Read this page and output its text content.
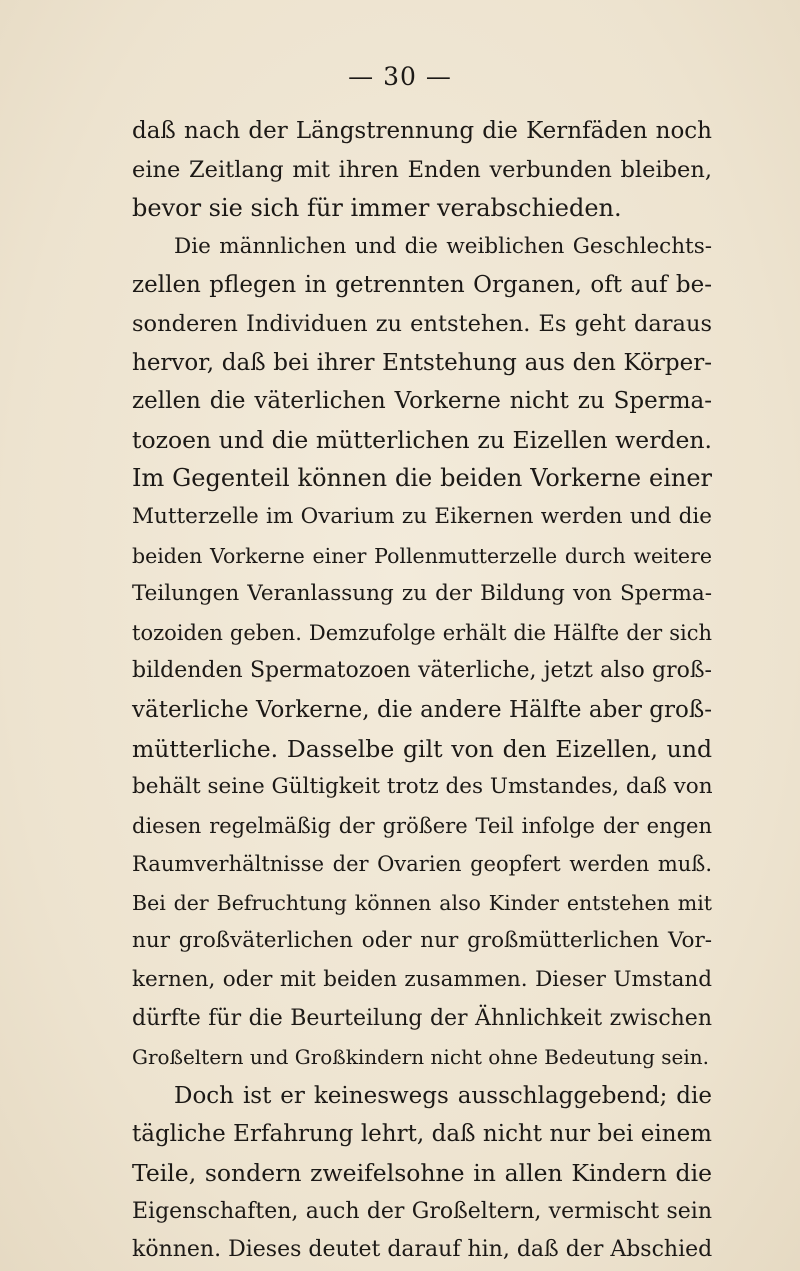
— 30 —
daß nach der Längstrennung die Kernfäden noch
eine Zeitlang mit ihren Enden verbunden bleiben,
bevor sie sich für immer verabschieden.
Die männlichen und die weiblichen Geschlechts-
zellen pflegen in getrennten Organen, oft auf be-
sonderen Individuen zu entstehen. Es geht daraus
hervor, daß bei ihrer Entstehung aus den Körper-
zellen die väterlichen Vorkerne nicht zu Sperma-
tozoen und die mütterlichen zu Eizellen werden.
Im Gegenteil können die beiden Vorkerne einer
Mutterzelle im Ovarium zu Eikernen werden und die
beiden Vorkerne einer Pollenmutterzelle durch weitere
Teilungen Veranlassung zu der Bildung von Sperma-
tozoiden geben. Demzufolge erhält die Hälfte der sich
bildenden Spermatozoen väterliche, jetzt also groß-
väterliche Vorkerne, die andere Hälfte aber groß-
mütterliche. Dasselbe gilt von den Eizellen, und
behält seine Gültigkeit trotz des Umstandes, daß von
diesen regelmäßig der größere Teil infolge der engen
Raumverhältnisse der Ovarien geopfert werden muß.
Bei der Befruchtung können also Kinder entstehen mit
nur großväterlichen oder nur großmütterlichen Vor-
kernen, oder mit beiden zusammen. Dieser Umstand
dürfte für die Beurteilung der Ähnlichkeit zwischen
Großeltern und Großkindern nicht ohne Bedeutung sein.
Doch ist er keineswegs ausschlaggebend; die
tägliche Erfahrung lehrt, daß nicht nur bei einem
Teile, sondern zweifelsohne in allen Kindern die
Eigenschaften, auch der Großeltern, vermischt sein
können. Dieses deutet darauf hin, daß der Abschied
